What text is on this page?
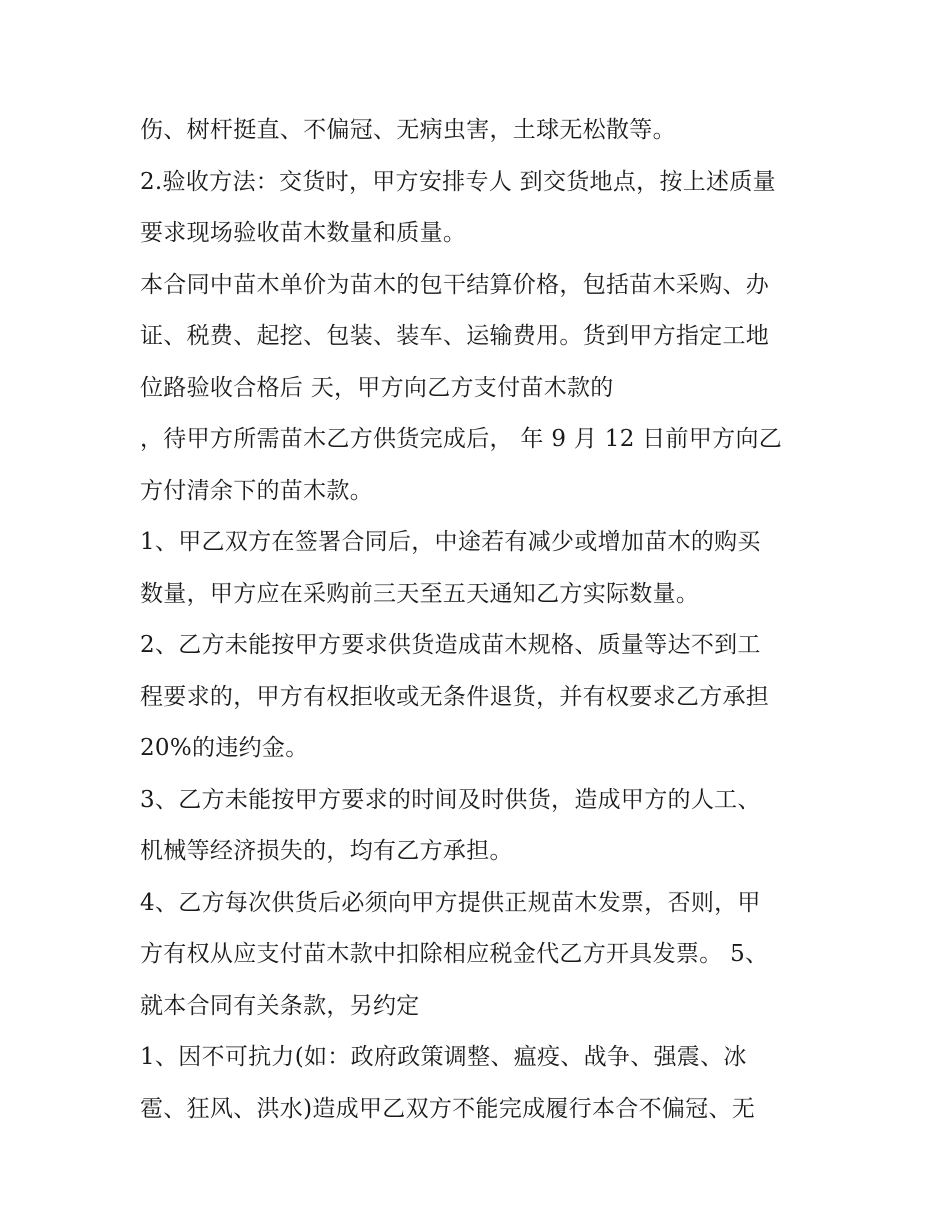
伤、树杆挺直、不偏冠、无病虫害，土球无松散等。
2.验收方法：交货时，甲方安排专人 到交货地点，按上述质量
要求现场验收苗木数量和质量。
本合同中苗木单价为苗木的包干结算价格，包括苗木采购、办
证、税费、起挖、包装、装车、运输费用。货到甲方指定工地
位路验收合格后 天，甲方向乙方支付苗木款的
，待甲方所需苗木乙方供货完成后， 年 9 月 12 日前甲方向乙
方付清余下的苗木款。
1、甲乙双方在签署合同后，中途若有减少或增加苗木的购买
数量，甲方应在采购前三天至五天通知乙方实际数量。
2、乙方未能按甲方要求供货造成苗木规格、质量等达不到工
程要求的，甲方有权拒收或无条件退货，并有权要求乙方承担
20%的违约金。
3、乙方未能按甲方要求的时间及时供货，造成甲方的人工、
机械等经济损失的，均有乙方承担。
4、乙方每次供货后必须向甲方提供正规苗木发票，否则，甲
方有权从应支付苗木款中扣除相应税金代乙方开具发票。 5、
就本合同有关条款，另约定
1、因不可抗力(如：政府政策调整、瘟疫、战争、强震、冰
雹、狂风、洪水)造成甲乙双方不能完成履行本合不偏冠、无
